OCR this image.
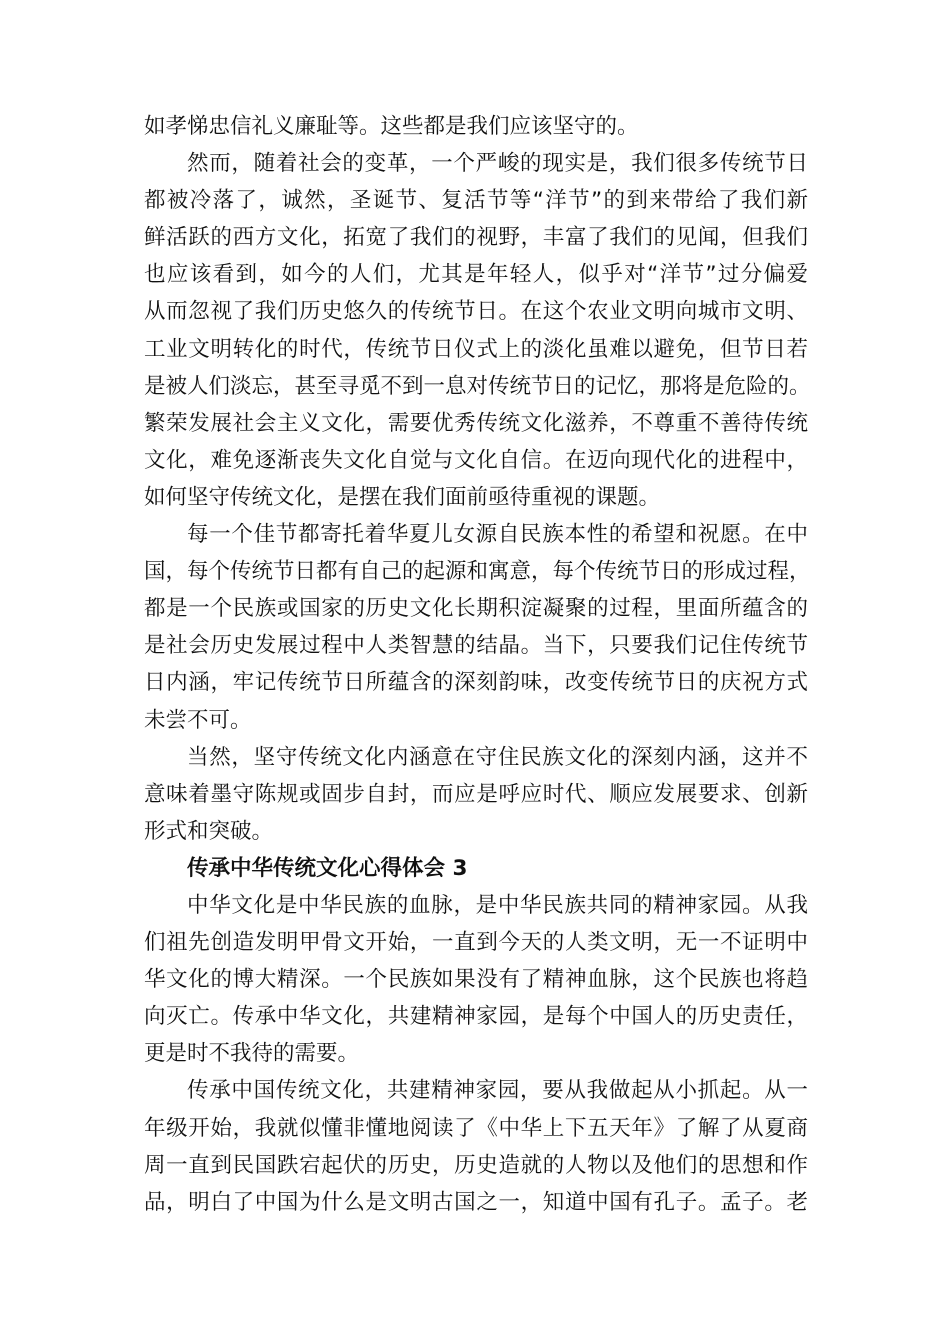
如孝悌忠信礼义廉耻等。这些都是我们应该坚守的。
然而，随着社会的变革，一个严峻的现实是，我们很多传统节日
都被冷落了，诚然，圣诞节、复活节等“洋节”的到来带给了我们新
鲜活跃的西方文化，拓宽了我们的视野，丰富了我们的见闻，但我们
也应该看到，如今的人们，尤其是年轻人，似乎对“洋节”过分偏爱
从而忽视了我们历史悠久的传统节日。在这个农业文明向城市文明、
工业文明转化的时代，传统节日仪式上的淡化虽难以避免，但节日若
是被人们淡忘，甚至寻觅不到一息对传统节日的记忆，那将是危险的。
繁荣发展社会主义文化，需要优秀传统文化滋养，不尊重不善待传统
文化，难免逐渐丧失文化自觉与文化自信。在迈向现代化的进程中，
如何坚守传统文化，是摆在我们面前亟待重视的课题。
每一个佳节都寄托着华夏儿女源自民族本性的希望和祝愿。在中
国，每个传统节日都有自己的起源和寓意，每个传统节日的形成过程，
都是一个民族或国家的历史文化长期积淀凝聚的过程，里面所蕴含的
是社会历史发展过程中人类智慧的结晶。当下，只要我们记住传统节
日内涵，牢记传统节日所蕴含的深刻韵味，改变传统节日的庆祝方式
未尝不可。
当然，坚守传统文化内涵意在守住民族文化的深刻内涵，这并不
意味着墨守陈规或固步自封，而应是呼应时代、顺应发展要求、创新
形式和突破。
传承中华传统文化心得体会 3
中华文化是中华民族的血脉，是中华民族共同的精神家园。从我
们祖先创造发明甲骨文开始，一直到今天的人类文明，无一不证明中
华文化的博大精深。一个民族如果没有了精神血脉，这个民族也将趋
向灭亡。传承中华文化，共建精神家园，是每个中国人的历史责任，
更是时不我待的需要。
传承中国传统文化，共建精神家园，要从我做起从小抓起。从一
年级开始，我就似懂非懂地阅读了《中华上下五天年》了解了从夏商
周一直到民国跌宕起伏的历史，历史造就的人物以及他们的思想和作
品，明白了中国为什么是文明古国之一，知道中国有孔子。孟子。老
